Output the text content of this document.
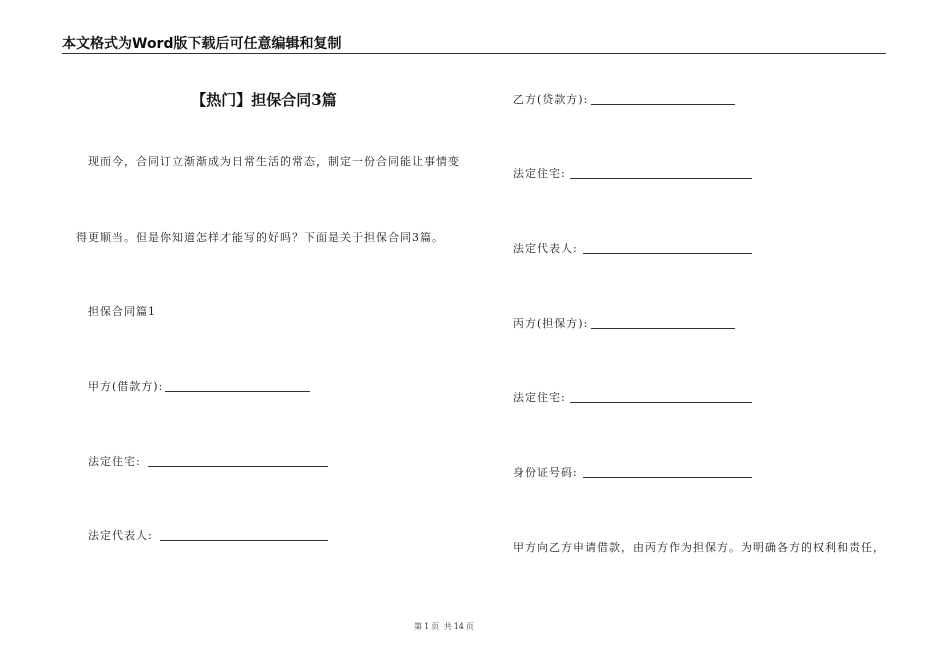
本文格式为Word版下载后可任意编辑和复制
【热门】担保合同3篇
现而今，合同订立渐渐成为日常生活的常态，制定一份合同能让事情变
得更顺当。但是你知道怎样才能写的好吗？下面是关于担保合同3篇。
担保合同篇1
甲方(借款方):
法定住宅:
法定代表人:
乙方(贷款方):
法定住宅:
法定代表人:
丙方(担保方):
法定住宅:
身份证号码:
甲方向乙方申请借款，由丙方作为担保方。为明确各方的权利和责任，
第 1 页 共 14 页
